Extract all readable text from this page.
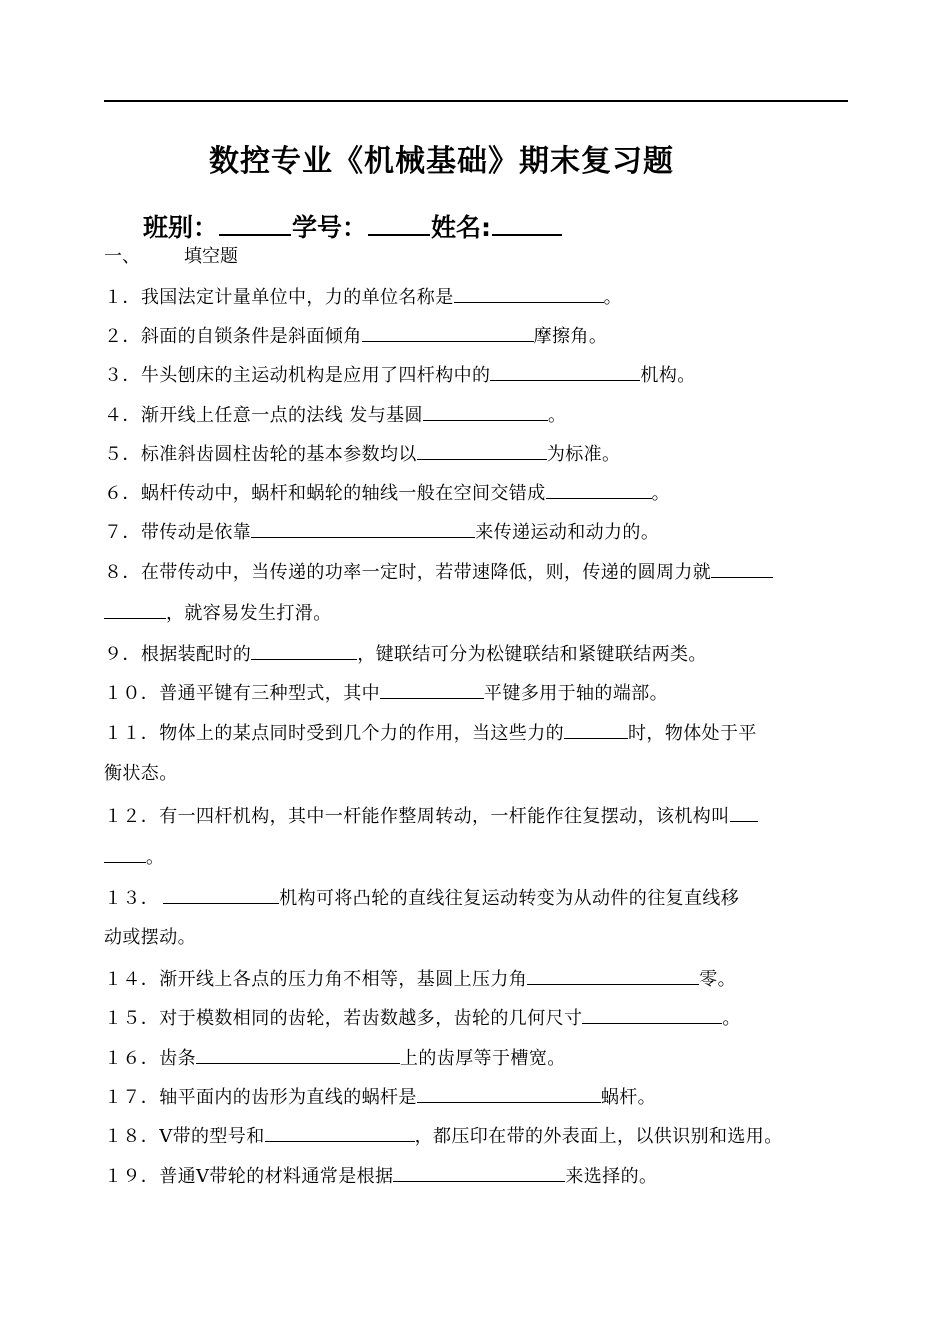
数控专业《机械基础》期末复习题
班别：	学号：	姓名:
一、 填空题
１．我国法定计量单位中，力的单位名称是	。
２．斜面的自锁条件是斜面倾角	摩擦角。
３．牛头刨床的主运动机构是应用了四杆构中的	机构。
４．渐开线上任意一点的法线 发与基圆	。
５．标准斜齿圆柱齿轮的基本参数均以	为标准。
６．蜗杆传动中，蜗杆和蜗轮的轴线一般在空间交错成	。
７．带传动是依靠	来传递运动和动力的。
８．在带传动中，当传递的功率一定时，若带速降低，则，传递的圆周力就
，就容易发生打滑。
９．根据装配时的	，键联结可分为松键联结和紧键联结两类。
１０．普通平键有三种型式，其中	平键多用于轴的端部。
１１．物体上的某点同时受到几个力的作用，当这些力的	时，物体处于平
衡状态。
１２．有一四杆机构，其中一杆能作整周转动，一杆能作往复摆动，该机构叫
。
１３．	机构可将凸轮的直线往复运动转变为从动件的往复直线移
动或摆动。
１４．渐开线上各点的压力角不相等，基圆上压力角	零。
１５．对于模数相同的齿轮，若齿数越多，齿轮的几何尺寸	。
１６．齿条	上的齿厚等于槽宽。
１７．轴平面内的齿形为直线的蜗杆是	蜗杆。
１８．V带的型号和	，都压印在带的外表面上，以供识别和选用。
１９．普通V带轮的材料通常是根据	来选择的。
